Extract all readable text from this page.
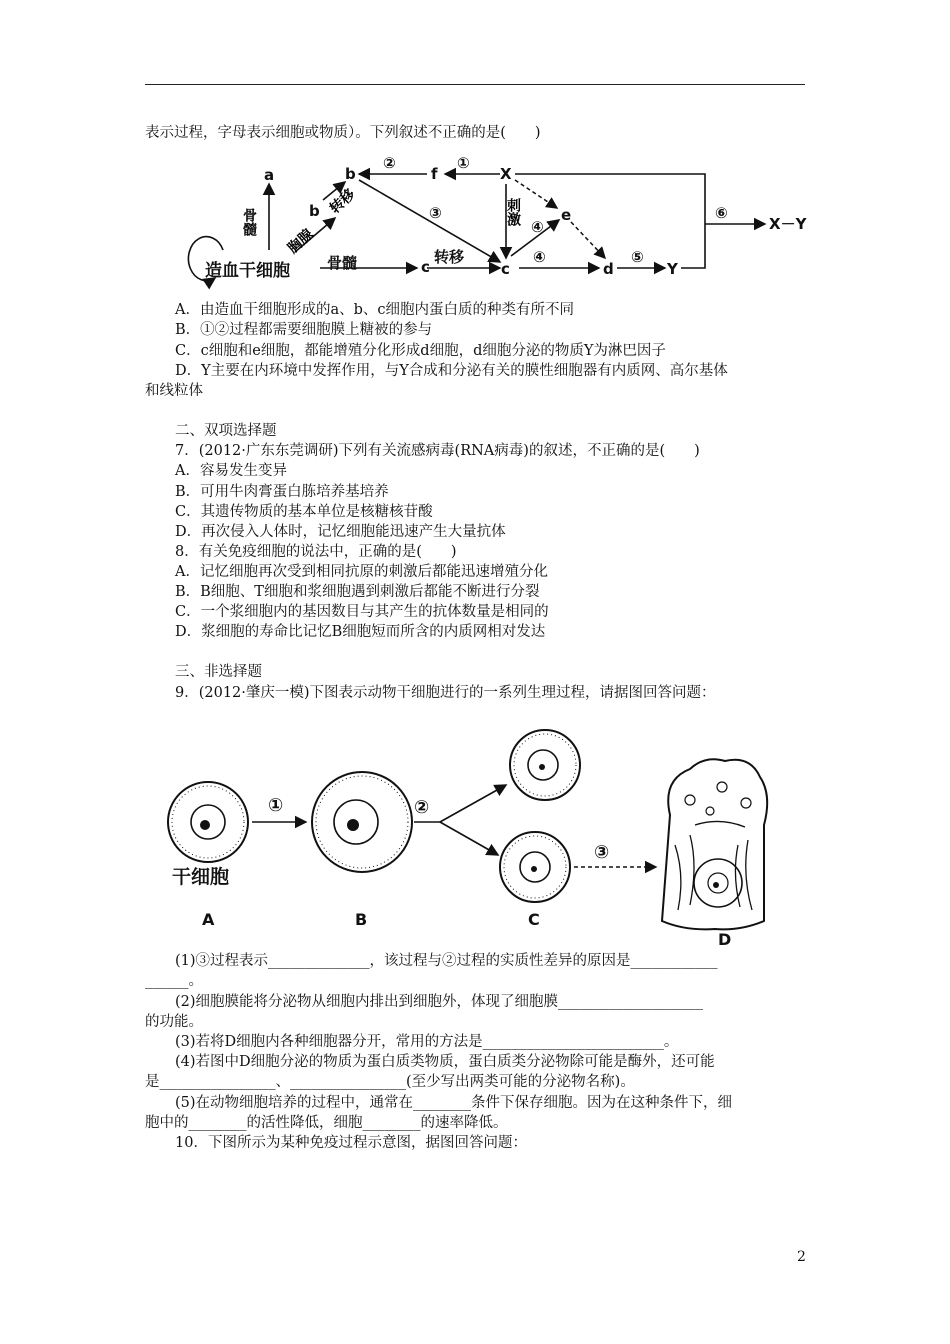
表示过程，字母表示细胞或物质）。下列叙述不正确的是(　　)
造血干细胞
a
b
b
c	c
f	X
e
d	Y
X－Y
骨髓	转移	④	⑤
②	①
③
④
⑥
骨髓	刺激
胸腺
转移
A．由造血干细胞形成的a、b、c细胞内蛋白质的种类有所不同
B．①②过程都需要细胞膜上糖被的参与
C．c细胞和e细胞，都能增殖分化形成d细胞，d细胞分泌的物质Y为淋巴因子
D．Y主要在内环境中发挥作用，与Y合成和分泌有关的膜性细胞器有内质网、高尔基体
和线粒体
二、双项选择题
7．(2012·广东东莞调研)下列有关流感病毒(RNA病毒)的叙述，不正确的是(　　)
A．容易发生变异
B．可用牛肉膏蛋白胨培养基培养
C．其遗传物质的基本单位是核糖核苷酸
D．再次侵入人体时，记忆细胞能迅速产生大量抗体
8．有关免疫细胞的说法中，正确的是(　　)
A．记忆细胞再次受到相同抗原的刺激后都能迅速增殖分化
B．B细胞、T细胞和浆细胞遇到刺激后都能不断进行分裂
C．一个浆细胞内的基因数目与其产生的抗体数量是相同的
D．浆细胞的寿命比记忆B细胞短而所含的内质网相对发达
三、非选择题
9．(2012·肇庆一模)下图表示动物干细胞进行的一系列生理过程，请据图回答问题：
干细胞
A	B	C
D
①	②
③
(1)③过程表示______________，该过程与②过程的实质性差异的原因是____________
______。
(2)细胞膜能将分泌物从细胞内排出到细胞外，体现了细胞膜____________________
的功能。
(3)若将D细胞内各种细胞器分开，常用的方法是_________________________。
(4)若图中D细胞分泌的物质为蛋白质类物质，蛋白质类分泌物除可能是酶外，还可能
是________________、________________(至少写出两类可能的分泌物名称)。
(5)在动物细胞培养的过程中，通常在________条件下保存细胞。因为在这种条件下，细
胞中的________的活性降低，细胞________的速率降低。
10．下图所示为某种免疫过程示意图，据图回答问题：
2
